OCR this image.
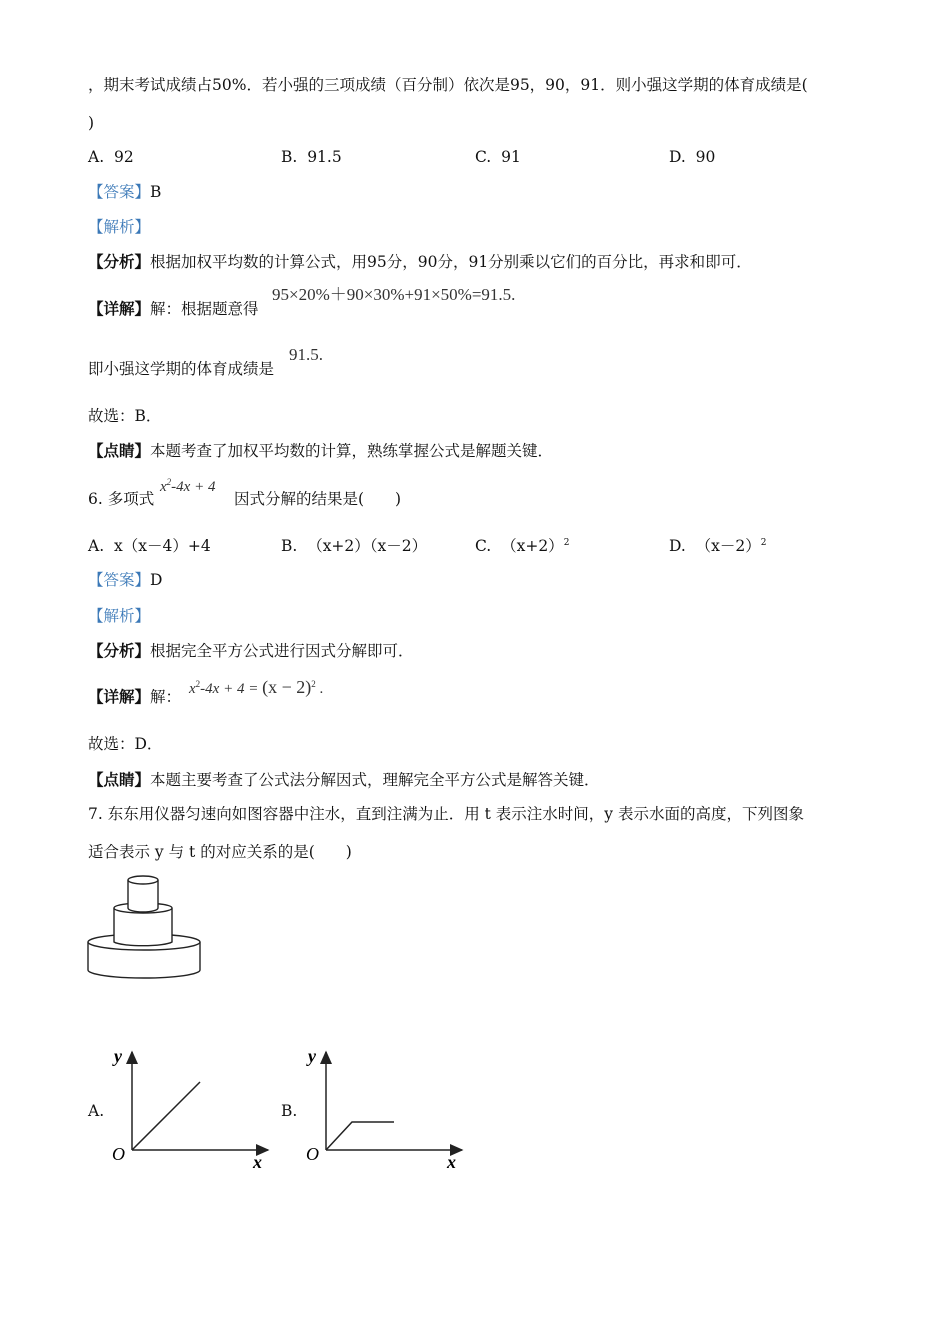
，期末考试成绩占50%．若小强的三项成绩（百分制）依次是95，90，91．则小强这学期的体育成绩是(
)
A. 92	B. 91.5	C. 91	D. 90
【答案】B
【解析】
【分析】根据加权平均数的计算公式，用95分，90分，91分别乘以它们的百分比，再求和即可．
【详解】解：根据题意得
95×20%＋90×30%+91×50%=91.5.
即小强这学期的体育成绩是
91.5.
故选：B．
【点睛】本题考查了加权平均数的计算，熟练掌握公式是解题关键．
6. 多项式
$x^2-4x + 4$
因式分解的结果是(　　)
A. x（x－4）+4	B. （x+2）（x－2）	C. $(x+2)^2$	D. $(x-2)^2$
【答案】D
【解析】
【分析】根据完全平方公式进行因式分解即可．
【详解】解： $x^2-4x + 4 = (x - 2)^2$ .
故选：D．
【点睛】本题主要考查了公式法分解因式，理解完全平方公式是解答关键．
7. 东东用仪器匀速向如图容器中注水，直到注满为止．用 t 表示注水时间，y 表示水面的高度，下列图象
适合表示 y 与 t 的对应关系的是(　　)
A.
y
O	x
B.
y
O	x
